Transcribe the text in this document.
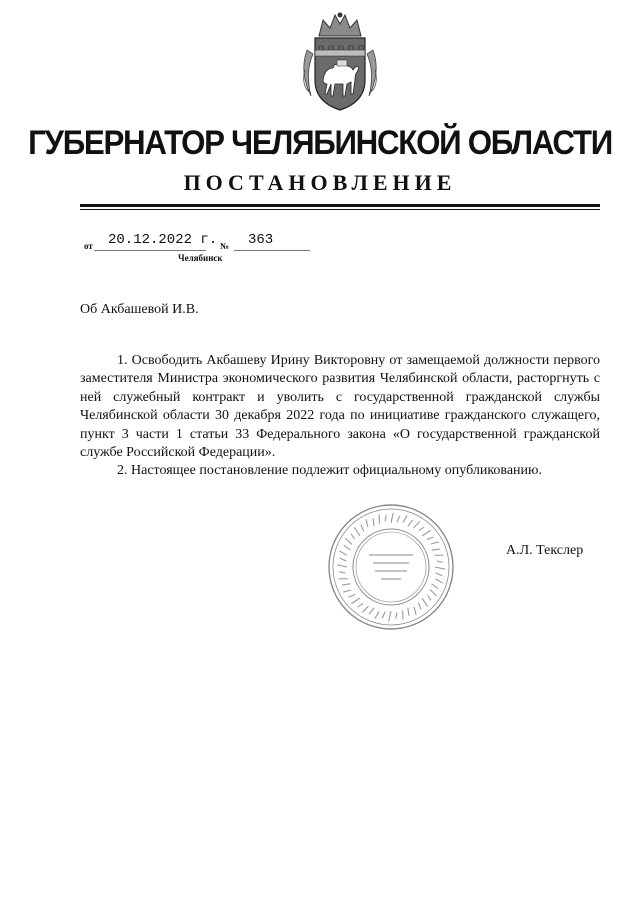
ГУБЕРНАТОР ЧЕЛЯБИНСКОЙ ОБЛАСТИ
ПОСТАНОВЛЕНИЕ
от 20.12.2022 г. № 363
Челябинск
Об Акбашевой И.В.

1. Освободить Акбашеву Ирину Викторовну от замещаемой должности первого заместителя Министра экономического развития Челябинской области, расторгнуть с ней служебный контракт и уволить с государственной гражданской службы Челябинской области 30 декабря 2022 года по инициативе гражданского служащего, пункт 3 части 1 статьи 33 Федерального закона «О государственной гражданской службе Российской Федерации».

2. Настоящее постановление подлежит официальному опубликованию.

А.Л. Текслер
